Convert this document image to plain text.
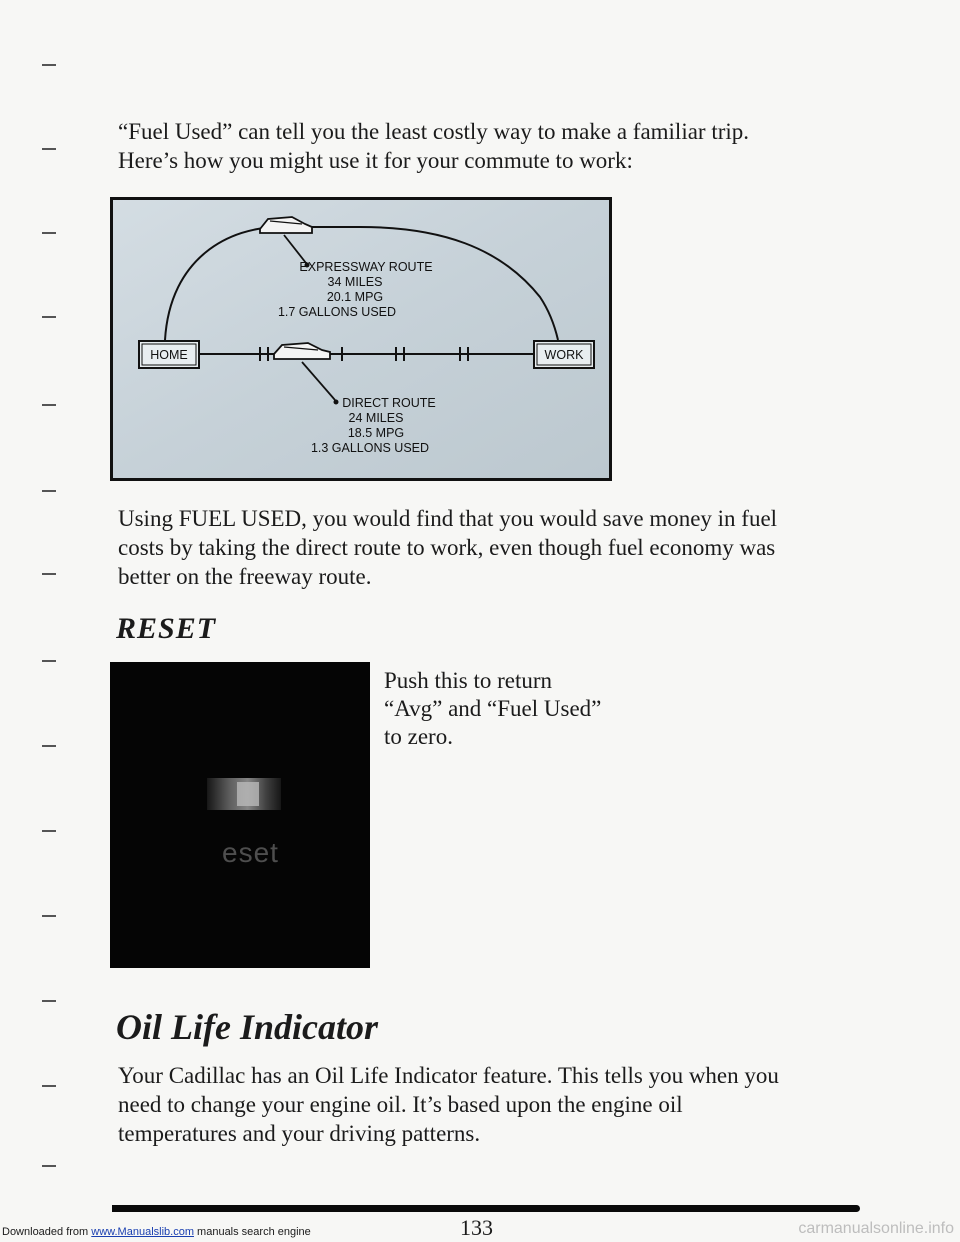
“Fuel Used” can tell you the least costly way to make a familiar trip.
Here’s how you might use it for your commute to work:

EXPRESSWAY ROUTE
34 MILES
20.1 MPG
1.7 GALLONS USED
HOME	WORK
DIRECT ROUTE
24 MILES
18.5 MPG
1.3 GALLONS USED

Using FUEL USED, you would find that you would save money in fuel
costs by taking the direct route to work, even though fuel economy was
better on the freeway route.

RESET
eset

Push this to return
“Avg” and “Fuel Used”
to zero.

Oil Life Indicator

Your Cadillac has an Oil Life Indicator feature. This tells you when you
need to change your engine oil. It’s based upon the engine oil
temperatures and your driving patterns.

Downloaded from www.Manualslib.com manuals search engine	133	carmanualsonline.info
